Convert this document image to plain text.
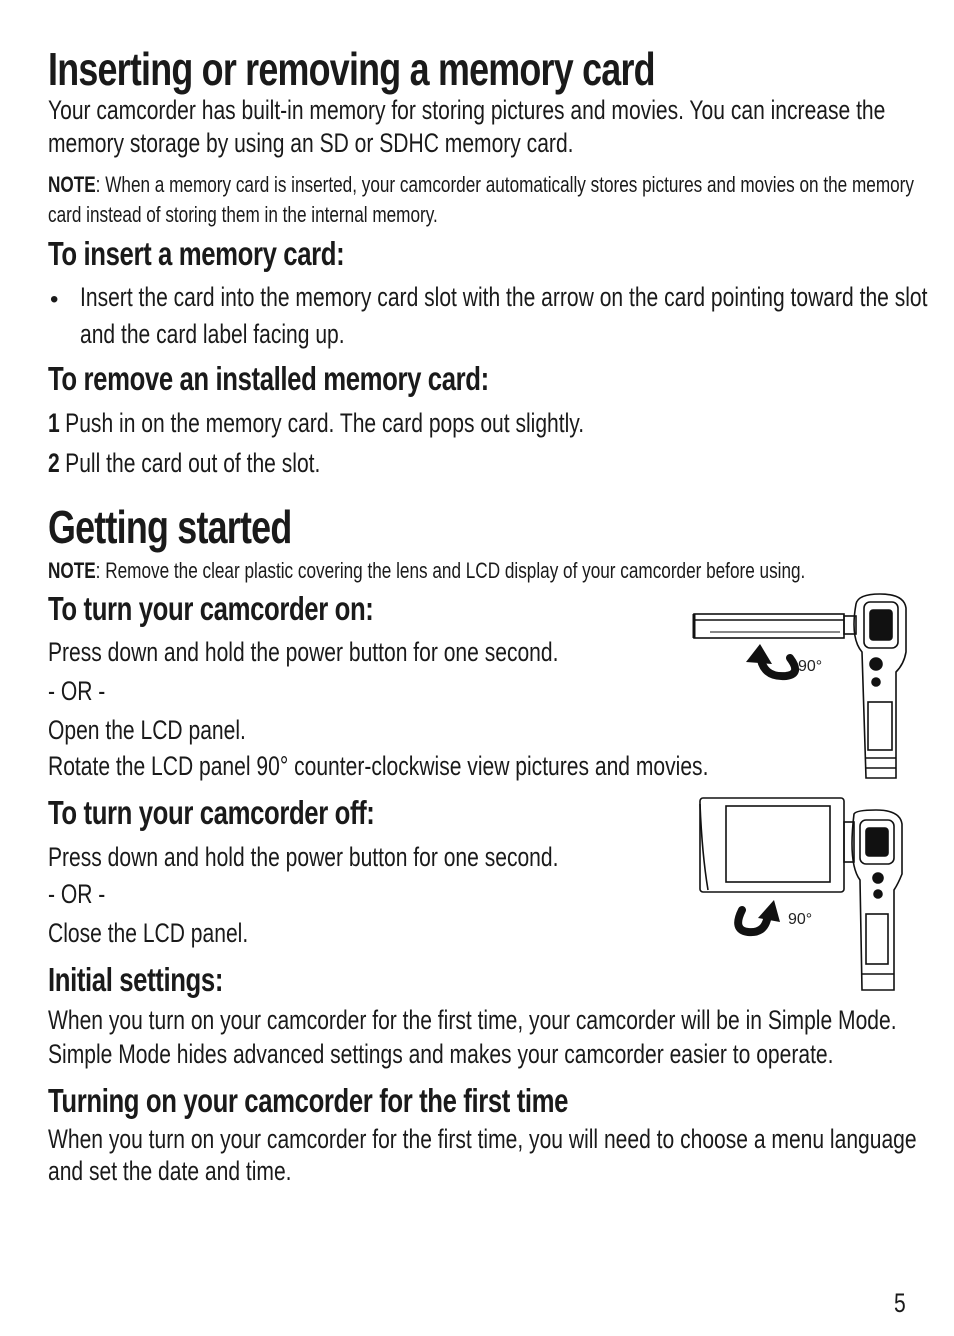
Inserting or removing a memory card
Your camcorder has built-in memory for storing pictures and movies. You can increase the
memory storage by using an SD or SDHC memory card.
NOTE: When a memory card is inserted, your camcorder automatically stores pictures and movies on the memory
card instead of storing them in the internal memory.
To insert a memory card:
• Insert the card into the memory card slot with the arrow on the card pointing toward the slot
and the card label facing up.
To remove an installed memory card:
1 Push in on the memory card. The card pops out slightly.
2 Pull the card out of the slot.
Getting started
NOTE: Remove the clear plastic covering the lens and LCD display of your camcorder before using.
To turn your camcorder on:
Press down and hold the power button for one second.
- OR -
Open the LCD panel.
Rotate the LCD panel 90° counter-clockwise view pictures and movies.
To turn your camcorder off:
Press down and hold the power button for one second.
- OR -
Close the LCD panel.
Initial settings:
When you turn on your camcorder for the first time, your camcorder will be in Simple Mode.
Simple Mode hides advanced settings and makes your camcorder easier to operate.
Turning on your camcorder for the first time
When you turn on your camcorder for the first time, you will need to choose a menu language
and set the date and time.
90°
90°
5
